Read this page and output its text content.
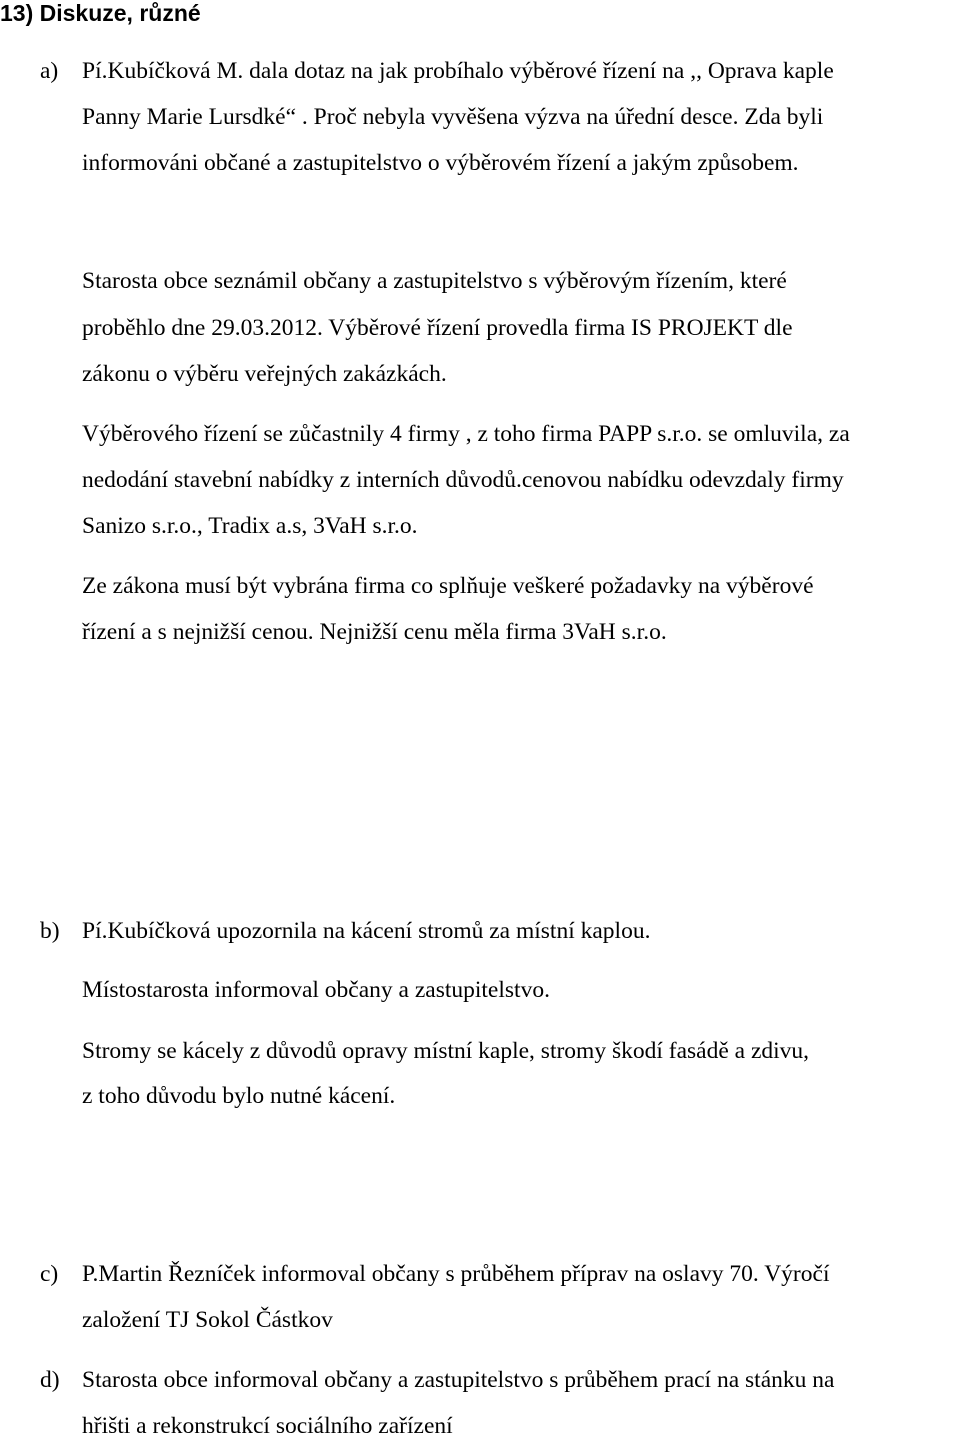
13) Diskuze, různé
a) Pí.Kubíčková M. dala dotaz na jak probíhalo výběrové řízení na ,, Oprava kaple
Panny Marie Lursdké“ . Proč nebyla vyvěšena výzva na úřední desce. Zda byli
informováni občané a zastupitelstvo o výběrovém řízení a jakým způsobem.
Starosta obce seznámil občany a zastupitelstvo s výběrovým řízením, které
proběhlo dne 29.03.2012. Výběrové řízení provedla firma IS PROJEKT dle
zákonu o výběru veřejných zakázkách.
Výběrového řízení se zůčastnily 4 firmy , z toho firma PAPP s.r.o. se omluvila, za
nedodání stavební nabídky z interních důvodů.cenovou nabídku odevzdaly firmy
Sanizo s.r.o., Tradix a.s, 3VaH s.r.o.
Ze zákona musí být vybrána firma co splňuje veškeré požadavky na výběrové
řízení a s nejnižší cenou. Nejnižší cenu měla firma 3VaH s.r.o.
b) Pí.Kubíčková upozornila na kácení stromů za místní kaplou.
Místostarosta informoval občany a zastupitelstvo.
Stromy se kácely z důvodů opravy místní kaple, stromy škodí fasádě a zdivu,
z toho důvodu bylo nutné kácení.
c) P.Martin Řezníček informoval občany s průběhem příprav na oslavy 70. Výročí
založení TJ Sokol Částkov
d) Starosta obce informoval občany a zastupitelstvo s průběhem prací na stánku na
hřišti a rekonstrukcí sociálního zařízení
